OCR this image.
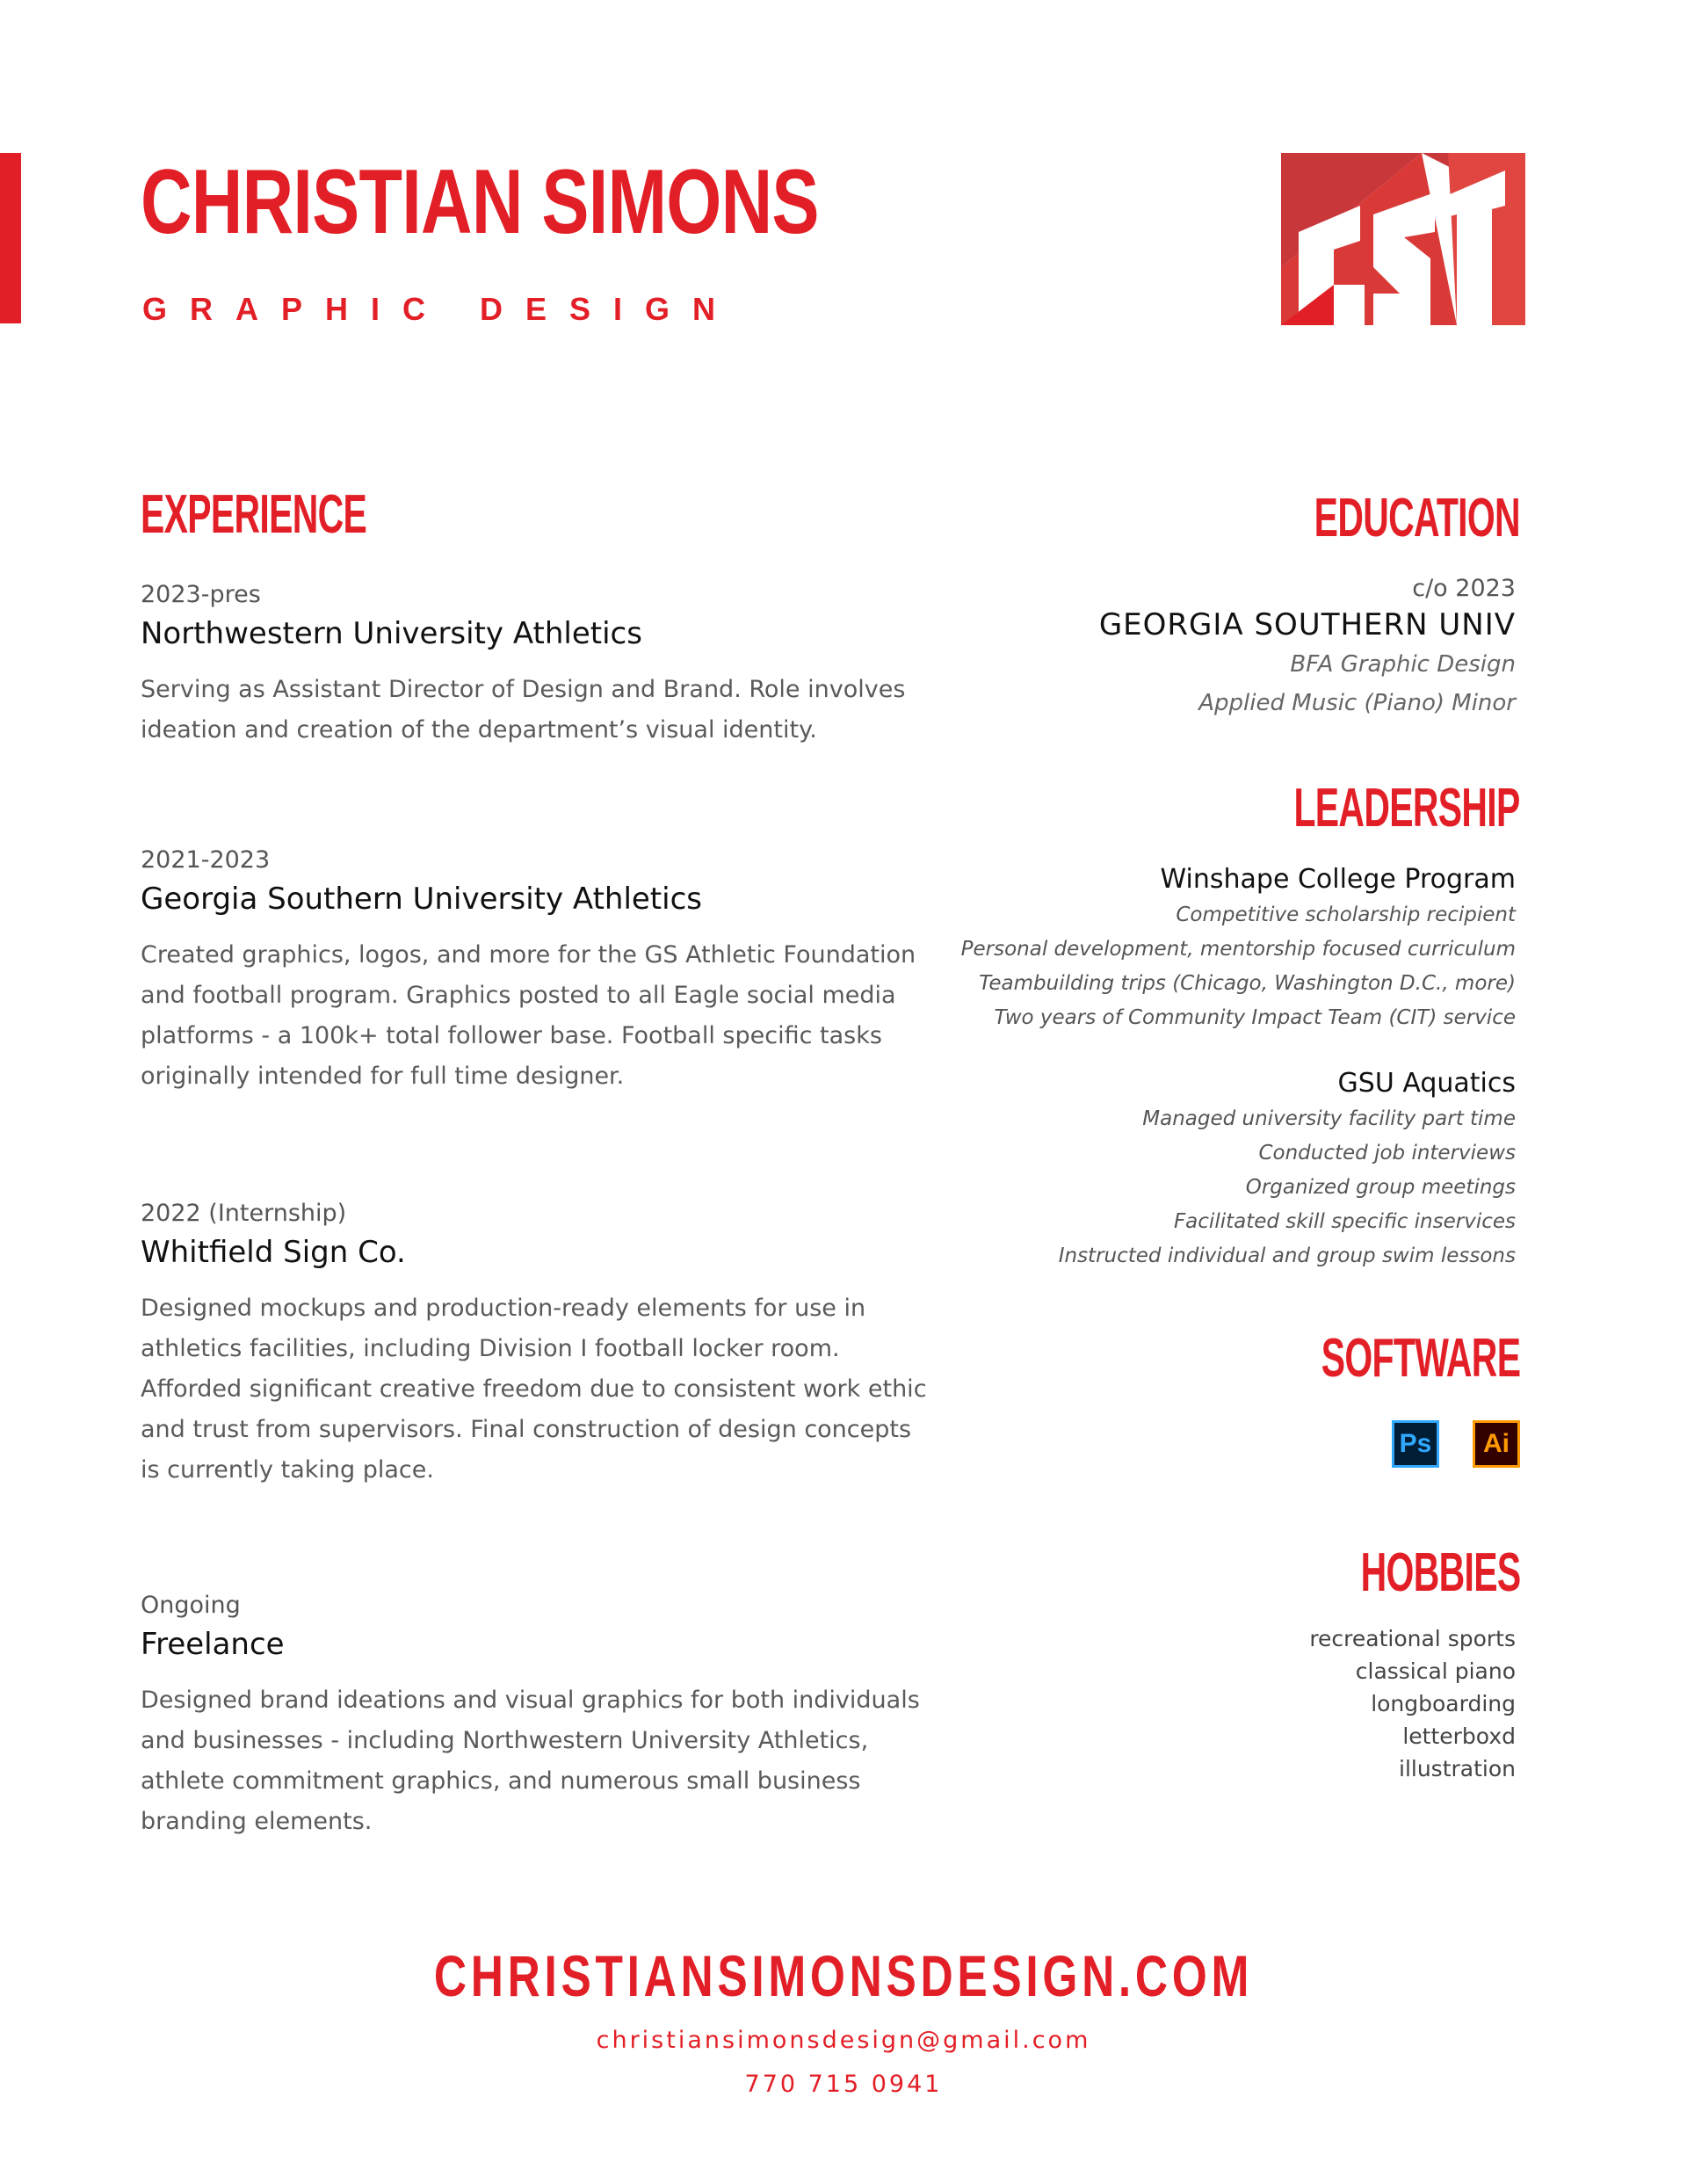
CHRISTIAN SIMONS
GRAPHIC DESIGN
EXPERIENCE
2023-pres
Northwestern University Athletics
Serving as Assistant Director of Design and Brand. Role involves ideation and creation of the department’s visual identity.
2021-2023
Georgia Southern University Athletics
Created graphics, logos, and more for the GS Athletic Foundation and football program. Graphics posted to all Eagle social media platforms - a 100k+ total follower base. Football specific tasks originally intended for full time designer.
2022 (Internship)
Whitfield Sign Co.
Designed mockups and production-ready elements for use in athletics facilities, including Division I football locker room. Afforded significant creative freedom due to consistent work ethic and trust from supervisors. Final construction of design concepts is currently taking place.
Ongoing
Freelance
Designed brand ideations and visual graphics for both individuals and businesses - including Northwestern University Athletics, athlete commitment graphics, and numerous small business branding elements.
EDUCATION
c/o 2023
GEORGIA SOUTHERN UNIV
BFA Graphic Design
Applied Music (Piano) Minor
LEADERSHIP
Winshape College Program
Competitive scholarship recipient
Personal development, mentorship focused curriculum
Teambuilding trips (Chicago, Washington D.C., more)
Two years of Community Impact Team (CIT) service
GSU Aquatics
Managed university facility part time
Conducted job interviews
Organized group meetings
Facilitated skill specific inservices
Instructed individual and group swim lessons
SOFTWARE
Ps	Ai
HOBBIES
recreational sports
classical piano
longboarding
letterboxd
illustration
CHRISTIANSIMONSDESIGN.COM
christiansimonsdesign@gmail.com
770 715 0941
